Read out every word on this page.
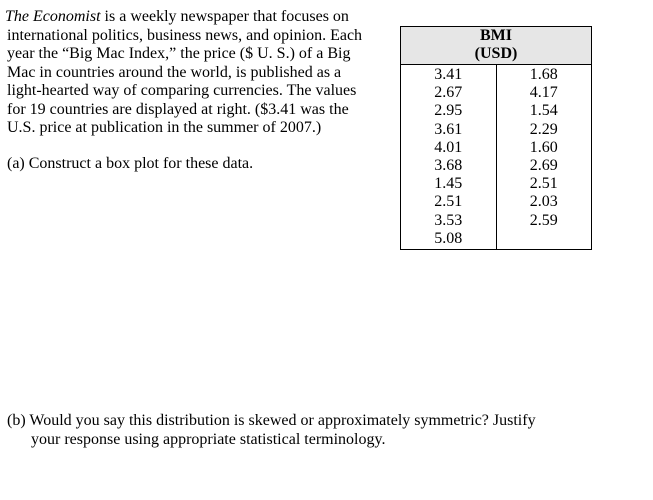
The Economist is a weekly newspaper that focuses on
international politics, business news, and opinion. Each
year the “Big Mac Index,” the price ($ U. S.) of a Big
Mac in countries around the world, is published as a
light-hearted way of comparing currencies. The values
for 19 countries are displayed at right. ($3.41 was the
U.S. price at publication in the summer of 2007.)
(a) Construct a box plot for these data.
(b) Would you say this distribution is skewed or approximately symmetric? Justify
your response using appropriate statistical terminology.
BMI
(USD)
3.41
2.67
2.95
3.61
4.01
3.68
1.45
2.51
3.53
5.08
1.68
4.17
1.54
2.29
1.60
2.69
2.51
2.03
2.59
